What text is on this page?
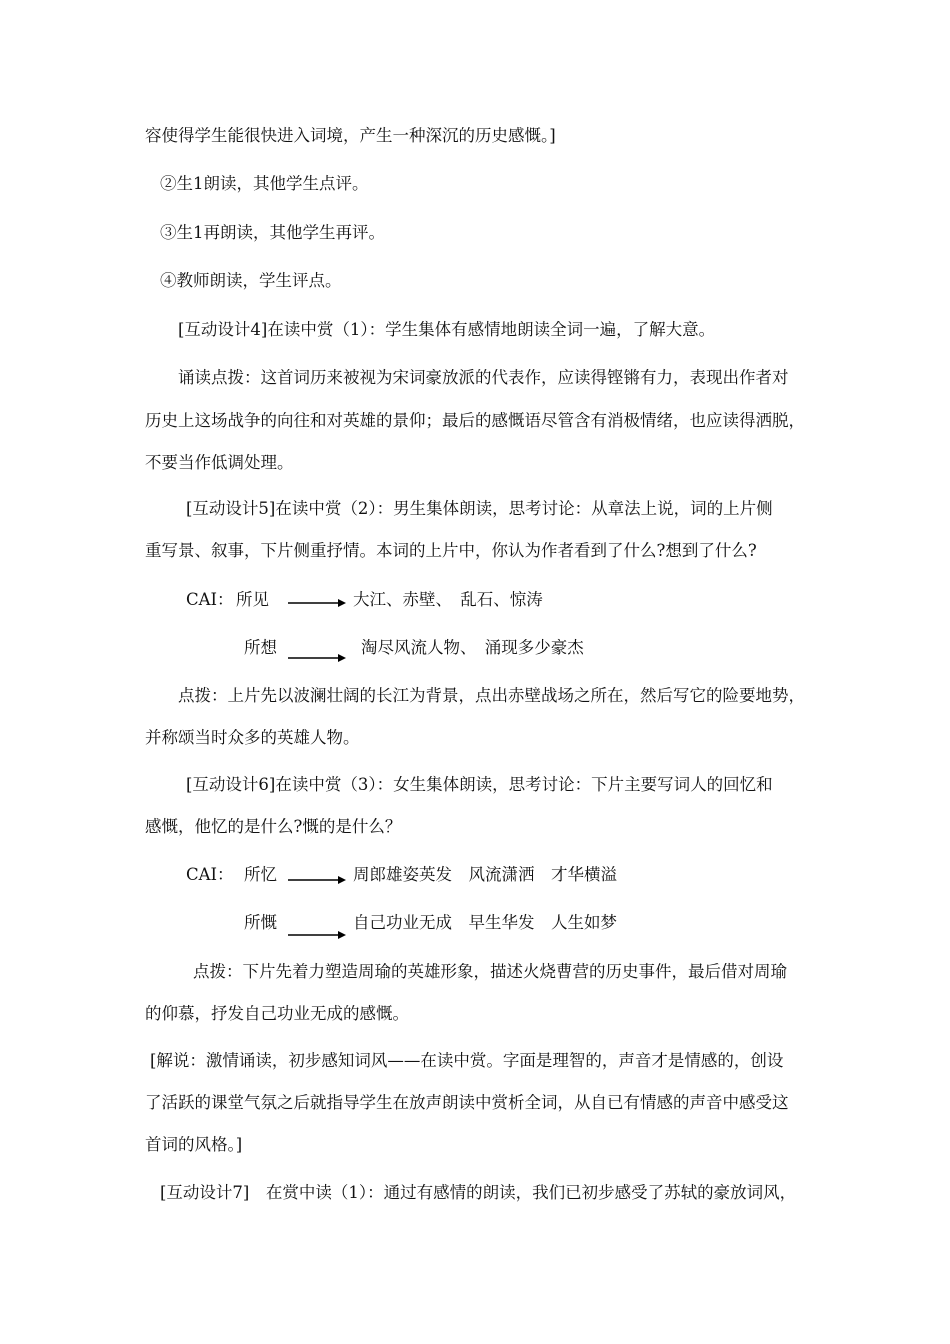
容使得学生能很快进入词境，产生一种深沉的历史感慨。]
②生1朗读，其他学生点评。
③生1再朗读，其他学生再评。
④教师朗读，学生评点。
[互动设计4]在读中赏（1）：学生集体有感情地朗读全词一遍，了解大意。
诵读点拨：这首词历来被视为宋词豪放派的代表作，应读得铿锵有力，表现出作者对
历史上这场战争的向往和对英雄的景仰；最后的感慨语尽管含有消极情绪，也应读得洒脱，
不要当作低调处理。
[互动设计5]在读中赏（2）：男生集体朗读，思考讨论：从章法上说，词的上片侧
重写景、叙事，下片侧重抒情。本词的上片中，你认为作者看到了什么?想到了什么?
CAI： 所见	大江、赤壁、　乱石、惊涛
所想	淘尽风流人物、　涌现多少豪杰
点拨：上片先以波澜壮阔的长江为背景，点出赤壁战场之所在，然后写它的险要地势，
并称颂当时众多的英雄人物。
[互动设计6]在读中赏（3）：女生集体朗读，思考讨论：下片主要写词人的回忆和
感慨，他忆的是什么?慨的是什么？
CAI： 所忆	周郎雄姿英发　风流潇洒　才华横溢
所慨	自己功业无成　早生华发　人生如梦
点拨：下片先着力塑造周瑜的英雄形象，描述火烧曹营的历史事件，最后借对周瑜
的仰慕，抒发自己功业无成的感慨。
[解说：激情诵读，初步感知词风——在读中赏。字面是理智的，声音才是情感的，创设
了活跃的课堂气氛之后就指导学生在放声朗读中赏析全词，从自已有情感的声音中感受这
首词的风格。]
[互动设计7]　在赏中读（1）：通过有感情的朗读，我们已初步感受了苏轼的豪放词风，
